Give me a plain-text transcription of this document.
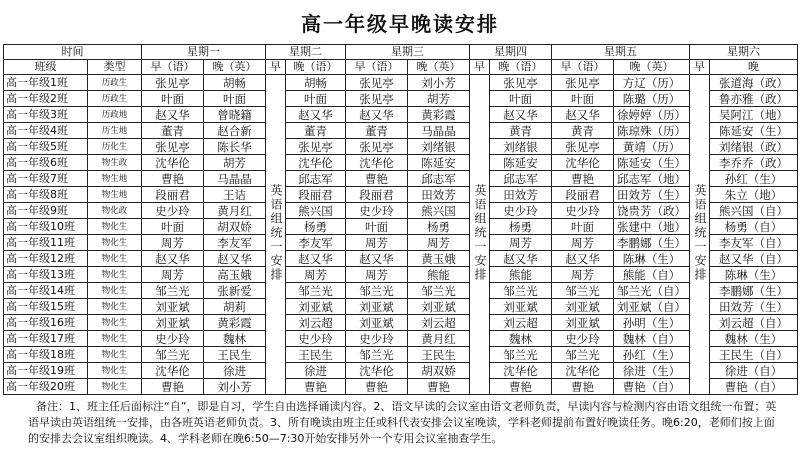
高一年级早晚读安排
时间		星期一		星期二		星期三		星期四		星期五		星期六	
班级	类型	早（语）	晚（英）	早	晚（语）	早（语）	晚（英）	早	晚（语）	早（语）	晚（英）	早	晚
高一年级1班	历政生	张见亭	胡畅	英语组统一安排	胡畅	张见亭	刘小芳	英语组统一安排	张见亭	张见亭	方辽（历）	英语组统一安排	张道海（政）
高一年级2班	历政生	叶面	叶面		叶面	张见亭	胡芳		叶面	叶面	陈璐（历）		鲁亦雅（政）
高一年级3班	历政地	赵又华	曾晓籍		赵又华	赵又华	黄彩霞		赵又华	赵又华	徐婷婷（历）		吴阿江（地）
高一年级4班	历生地	董青	赵合新		董青	董青	马晶晶		黄青	黄青	陈琼殊（历）		陈延安（生）
高一年级5班	历化生	张见亭	陈长华		张见亭	张见亭	刘绪银		刘绪银	张见亭	黄靖（历）		刘绪银（政）
高一年级6班	物生政	沈华伦	胡芳		沈华伦	沈华伦	陈延安		陈延安	沈华伦	陈延安（生）		李乔乔（政）
高一年级7班	物生地	曹艳	马晶晶		邱志军	曹艳	邱志军		邱志军	曹艳	邱志军（地）		孙红（生）
高一年级8班	物生地	段丽君	王诘		段丽君	段丽君	田效芳		田效芳	段丽君	田效芳（生）		朱立（地）
高一年级9班	物化政	史少玲	黄月红		熊兴国	史少玲	熊兴国		史少玲	史少玲	饶贵芳（政）		熊兴国（自）
高一年级10班	物化生	叶面	胡双娇		杨勇	叶面	杨勇		杨勇	叶面	张建中（地）		杨勇（自）
高一年级11班	物化生	周芳	李友军		李友军	周芳	周芳		周芳	周芳	李鹏娜（生）		李友军（自）
高一年级12班	物化生	赵又华	赵又华		赵又华	赵又华	黄玉娥		赵又华	赵又华	陈琳（生）		赵又华（自）
高一年级13班	物化生	周芳	高玉娥		周芳	周芳	熊能		熊能	周芳	熊能（自）		陈琳（生）
高一年级14班	物化生	邹兰光	张新爱		邹兰光	邹兰光	邹兰光		邹兰光	邹兰光	邹兰光（自）		李鹏娜（生）
高一年级15班	物化生	刘亚斌	胡莉		刘亚斌	刘亚斌	刘亚斌		刘亚斌	刘亚斌	刘亚斌（自）		田效芳（生）
高一年级16班	物化生	刘亚斌	黄彩霞		刘云超	刘亚斌	刘云超		刘云超	刘亚斌	孙明（生）		刘云超（自）
高一年级17班	物化生	史少玲	魏林		史少玲	史少玲	黄月红		魏林	史少玲	魏林（自）		魏林（生）
高一年级18班	物化生	邹兰光	王民生		王民生	邹兰光	王民生		邹兰光	邹兰光	孙红（生）		王民生（自）
高一年级19班	物化生	沈华伦	徐进		徐进	沈华伦	胡双娇		沈华伦	沈华伦	徐进（生）		徐进（自）
高一年级20班	物化生	曹艳	刘小芳		曹艳	曹艳	曹艳		曹艳	曹艳	曹艳（自）		曹艳（自）
备注：1、班主任后面标注“自”，即是自习，学生自由选择诵读内容。2、语文早读的会议室由语文老师负责，早读内容与检测内容由语文组统一布置；英语早读由英语组统一安排，由各班英语老师负责。3、所有晚读由班主任或科代表安排会议室晚读，学科老师提前布置好晚读任务。晚6:20，老师们按上面的安排去会议室组织晚读。4、学科老师在晚6:50—7:30开始安排另外一个专用会议室抽查学生。
